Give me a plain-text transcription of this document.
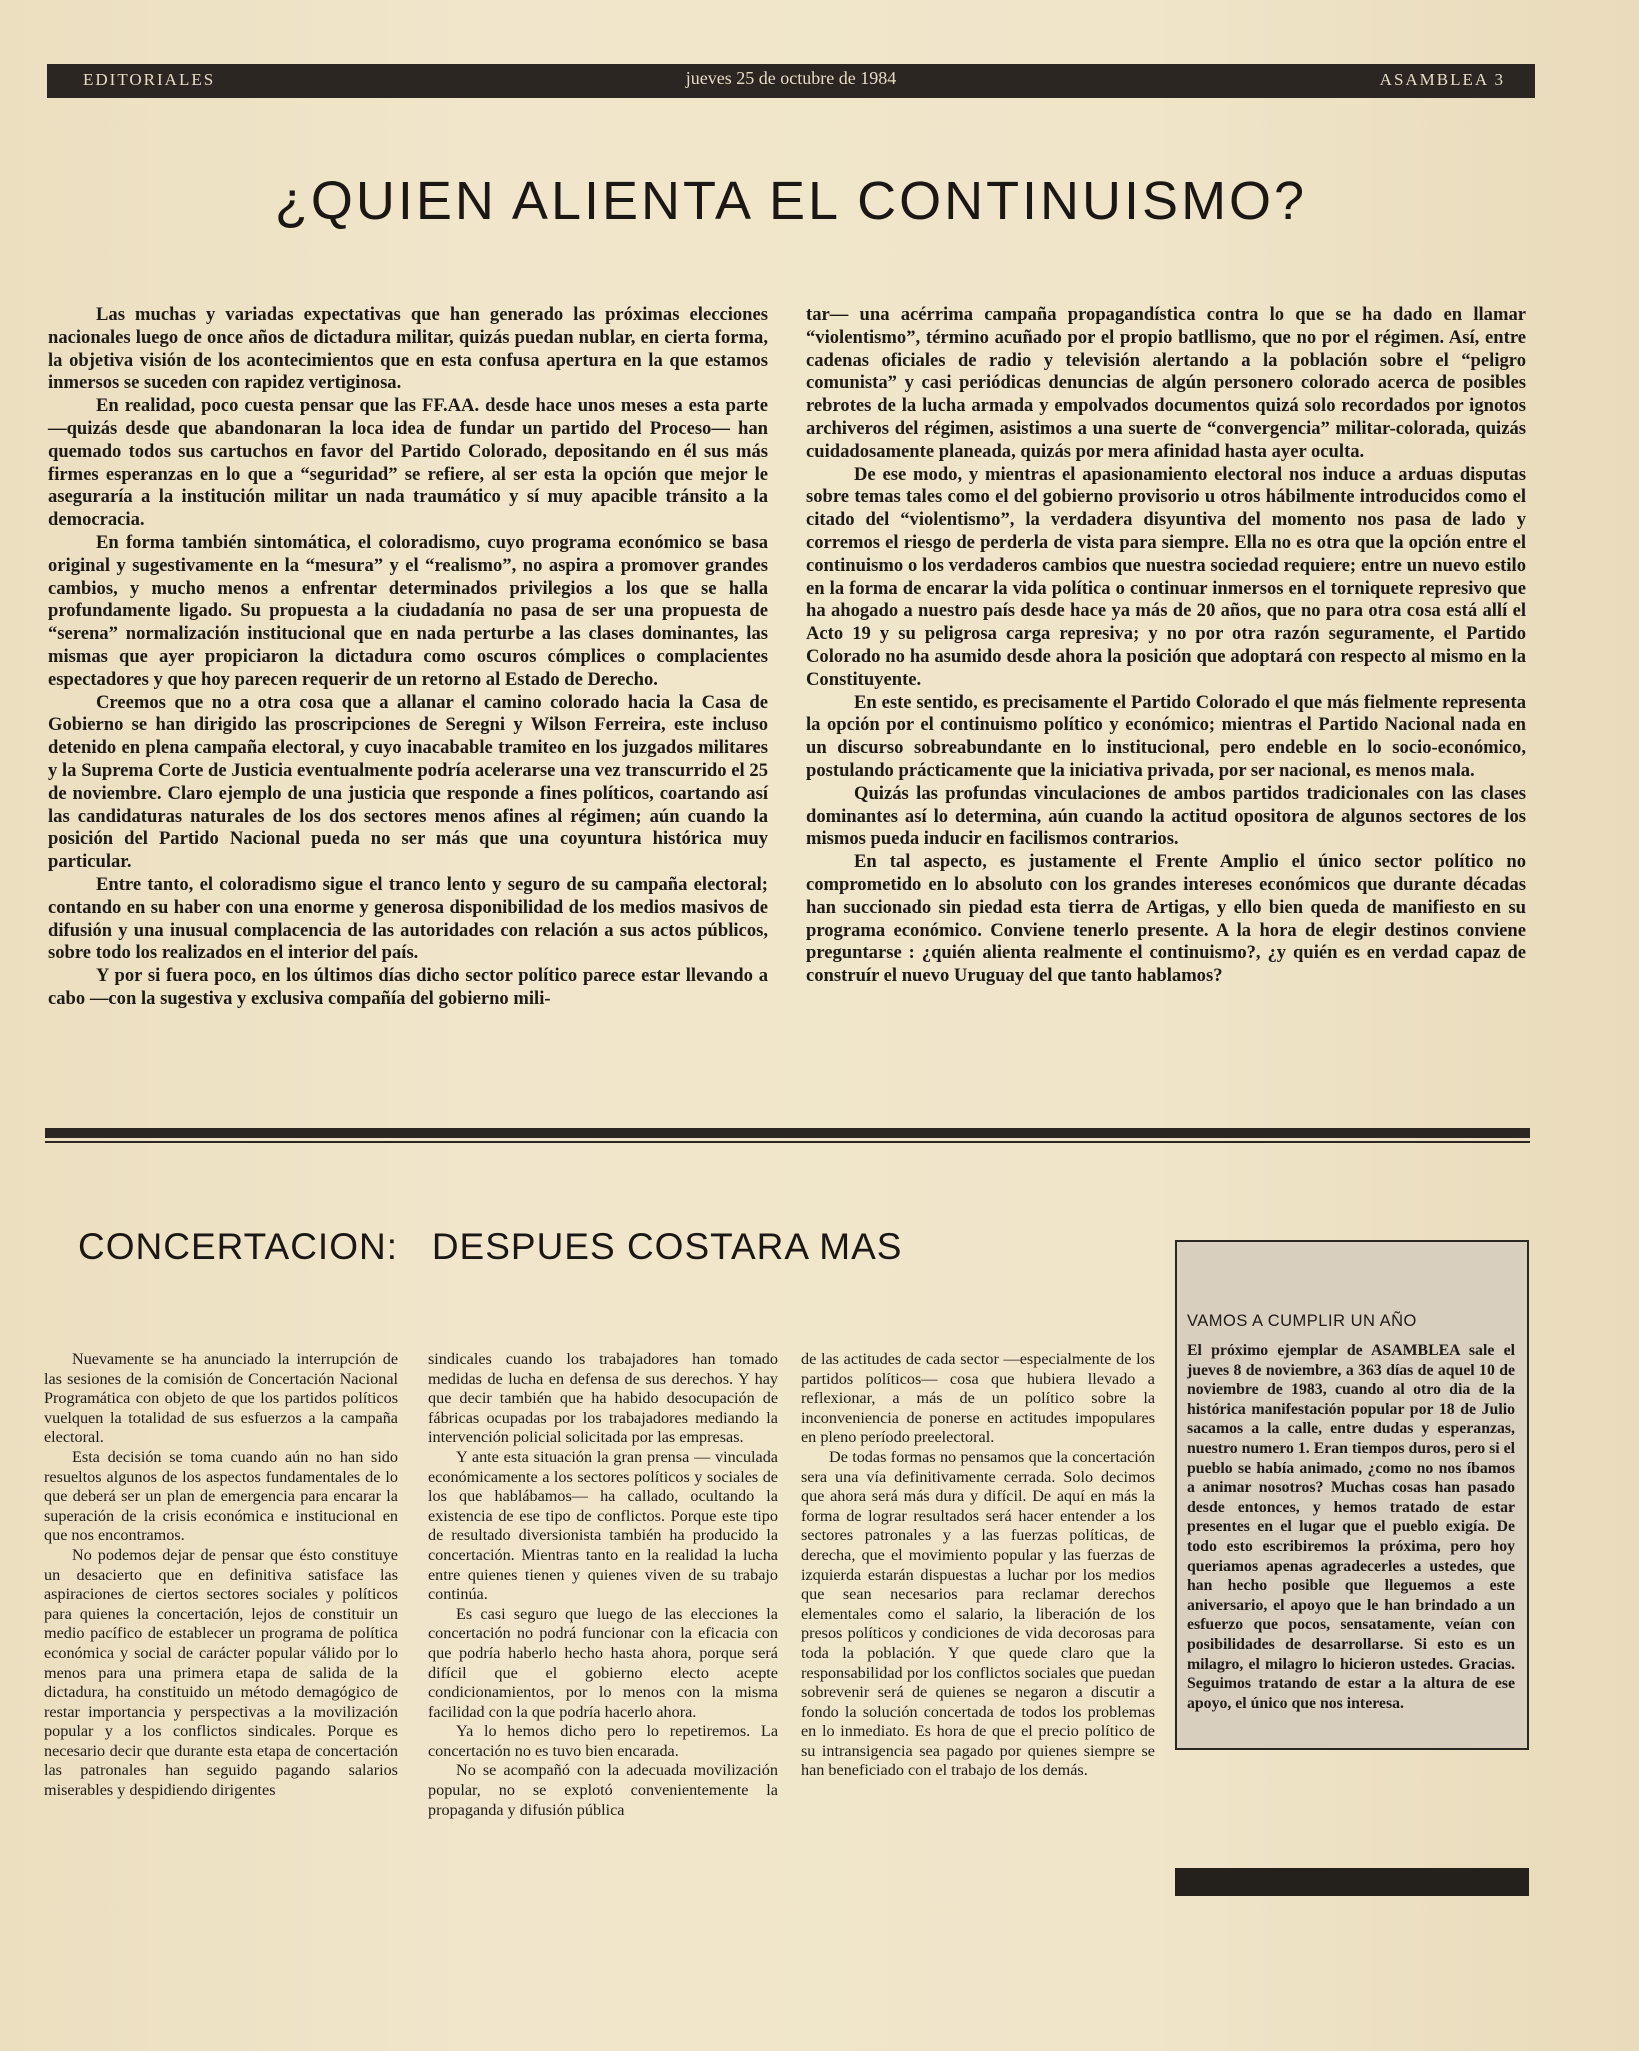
EDITORIALES	jueves 25 de octubre de 1984	ASAMBLEA 3
¿QUIEN ALIENTA EL CONTINUISMO?

Las muchas y variadas expectativas que han generado las próximas elecciones nacionales luego de once años de dictadura militar, quizás puedan nublar, en cierta forma, la objetiva visión de los acontecimientos que en esta confusa apertura en la que estamos inmersos se suceden con rapidez vertiginosa.

En realidad, poco cuesta pensar que las FF.AA. desde hace unos meses a esta parte —quizás desde que abandonaran la loca idea de fundar un partido del Proceso— han quemado todos sus cartuchos en favor del Partido Colorado, depositando en él sus más firmes esperanzas en lo que a “seguridad” se refiere, al ser esta la opción que mejor le aseguraría a la institución militar un nada traumático y sí muy apacible tránsito a la democracia.

En forma también sintomática, el coloradismo, cuyo programa económico se basa original y sugestivamente en la “mesura” y el “realismo”, no aspira a promover grandes cambios, y mucho menos a enfrentar determinados privilegios a los que se halla profundamente ligado. Su propuesta a la ciudadanía no pasa de ser una propuesta de “serena” normalización institucional que en nada perturbe a las clases dominantes, las mismas que ayer propiciaron la dictadura como oscuros cómplices o complacientes espectadores y que hoy parecen requerir de un retorno al Estado de Derecho.

Creemos que no a otra cosa que a allanar el camino colorado hacia la Casa de Gobierno se han dirigido las proscripciones de Seregni y Wilson Ferreira, este incluso detenido en plena campaña electoral, y cuyo inacabable tramiteo en los juzgados militares y la Suprema Corte de Justicia eventualmente podría acelerarse una vez transcurrido el 25 de noviembre. Claro ejemplo de una justicia que responde a fines políticos, coartando así las candidaturas naturales de los dos sectores menos afines al régimen; aún cuando la posición del Partido Nacional pueda no ser más que una coyuntura histórica muy particular.

Entre tanto, el coloradismo sigue el tranco lento y seguro de su campaña electoral; contando en su haber con una enorme y generosa disponibilidad de los medios masivos de difusión y una inusual complacencia de las autoridades con relación a sus actos públicos, sobre todo los realizados en el interior del país.

Y por si fuera poco, en los últimos días dicho sector político parece estar llevando a cabo —con la sugestiva y exclusiva compañía del gobierno mili-

tar— una acérrima campaña propagandística contra lo que se ha dado en llamar “violentismo”, término acuñado por el propio batllismo, que no por el régimen. Así, entre cadenas oficiales de radio y televisión alertando a la población sobre el “peligro comunista” y casi periódicas denuncias de algún personero colorado acerca de posibles rebrotes de la lucha armada y empolvados documentos quizá solo recordados por ignotos archiveros del régimen, asistimos a una suerte de “convergencia” militar-colorada, quizás cuidadosamente planeada, quizás por mera afinidad hasta ayer oculta.

De ese modo, y mientras el apasionamiento electoral nos induce a arduas disputas sobre temas tales como el del gobierno provisorio u otros hábilmente introducidos como el citado del “violentismo”, la verdadera disyuntiva del momento nos pasa de lado y corremos el riesgo de perderla de vista para siempre. Ella no es otra que la opción entre el continuismo o los verdaderos cambios que nuestra sociedad requiere; entre un nuevo estilo en la forma de encarar la vida política o continuar inmersos en el torniquete represivo que ha ahogado a nuestro país desde hace ya más de 20 años, que no para otra cosa está allí el Acto 19 y su peligrosa carga represiva; y no por otra razón seguramente, el Partido Colorado no ha asumido desde ahora la posición que adoptará con respecto al mismo en la Constituyente.

En este sentido, es precisamente el Partido Colorado el que más fielmente representa la opción por el continuismo político y económico; mientras el Partido Nacional nada en un discurso sobreabundante en lo institucional, pero endeble en lo socio-económico, postulando prácticamente que la iniciativa privada, por ser nacional, es menos mala.

Quizás las profundas vinculaciones de ambos partidos tradicionales con las clases dominantes así lo determina, aún cuando la actitud opositora de algunos sectores de los mismos pueda inducir en facilismos contrarios.

En tal aspecto, es justamente el Frente Amplio el único sector político no comprometido en lo absoluto con los grandes intereses económicos que durante décadas han succionado sin piedad esta tierra de Artigas, y ello bien queda de manifiesto en su programa económico. Conviene tenerlo presente. A la hora de elegir destinos conviene preguntarse : ¿quién alienta realmente el continuismo?, ¿y quién es en verdad capaz de construír el nuevo Uruguay del que tanto hablamos?

CONCERTACION:   DESPUES COSTARA MAS

Nuevamente se ha anunciado la interrupción de las sesiones de la comisión de Concertación Nacional Programática con objeto de que los partidos políticos vuelquen la totalidad de sus esfuerzos a la campaña electoral.

Esta decisión se toma cuando aún no han sido resueltos algunos de los aspectos fundamentales de lo que deberá ser un plan de emergencia para encarar la superación de la crisis económica e institucional en que nos encontramos.

No podemos dejar de pensar que ésto constituye un desacierto que en definitiva satisface las aspiraciones de ciertos sectores sociales y políticos para quienes la concertación, lejos de constituir un medio pacífico de establecer un programa de política económica y social de carácter popular válido por lo menos para una primera etapa de salida de la dictadura, ha constituido un método demagógico de restar importancia y perspectivas a la movilización popular y a los conflictos sindicales. Porque es necesario decir que durante esta etapa de concertación las patronales han seguido pagando salarios miserables y despidiendo dirigentes

sindicales cuando los trabajadores han tomado medidas de lucha en defensa de sus derechos. Y hay que decir también que ha habido desocupación de fábricas ocupadas por los trabajadores mediando la intervención policial solicitada por las empresas.

Y ante esta situación la gran prensa — vinculada económicamente a los sectores políticos y sociales de los que hablábamos— ha callado, ocultando la existencia de ese tipo de conflictos. Porque este tipo de resultado diversionista también ha producido la concertación. Mientras tanto en la realidad la lucha entre quienes tienen y quienes viven de su trabajo continúa.

Es casi seguro que luego de las elecciones la concertación no podrá funcionar con la eficacia con que podría haberlo hecho hasta ahora, porque será difícil que el gobierno electo acepte condicionamientos, por lo menos con la misma facilidad con la que podría hacerlo ahora.

Ya lo hemos dicho pero lo repetiremos. La concertación no es tuvo bien encarada.

No se acompañó con la adecuada movilización popular, no se explotó convenientemente la propaganda y difusión pública

de las actitudes de cada sector —especialmente de los partidos políticos— cosa que hubiera llevado a reflexionar, a más de un político sobre la inconveniencia de ponerse en actitudes impopulares en pleno período preelectoral.

De todas formas no pensamos que la concertación sera una vía definitivamente cerrada. Solo decimos que ahora será más dura y difícil. De aquí en más la forma de lograr resultados será hacer entender a los sectores patronales y a las fuerzas políticas, de derecha, que el movimiento popular y las fuerzas de izquierda estarán dispuestas a luchar por los medios que sean necesarios para reclamar derechos elementales como el salario, la liberación de los presos políticos y condiciones de vida decorosas para toda la población. Y que quede claro que la responsabilidad por los conflictos sociales que puedan sobrevenir será de quienes se negaron a discutir a fondo la solución concertada de todos los problemas en lo inmediato. Es hora de que el precio político de su intransigencia sea pagado por quienes siempre se han beneficiado con el trabajo de los demás.

VAMOS A CUMPLIR UN AÑO

El próximo ejemplar de ASAMBLEA sale el jueves 8 de noviembre, a 363 días de aquel 10 de noviembre de 1983, cuando al otro dia de la histórica manifestación popular por 18 de Julio sacamos a la calle, entre dudas y esperanzas, nuestro numero 1. Eran tiempos duros, pero si el pueblo se había animado, ¿como no nos íbamos a animar nosotros? Muchas cosas han pasado desde entonces, y hemos tratado de estar presentes en el lugar que el pueblo exigía. De todo esto escribiremos la próxima, pero hoy queriamos apenas agradecerles a ustedes, que han hecho posible que lleguemos a este aniversario, el apoyo que le han brindado a un esfuerzo que pocos, sensatamente, veían con posibilidades de desarrollarse. Si esto es un milagro, el milagro lo hicieron ustedes. Gracias. Seguimos tratando de estar a la altura de ese apoyo, el único que nos interesa.
